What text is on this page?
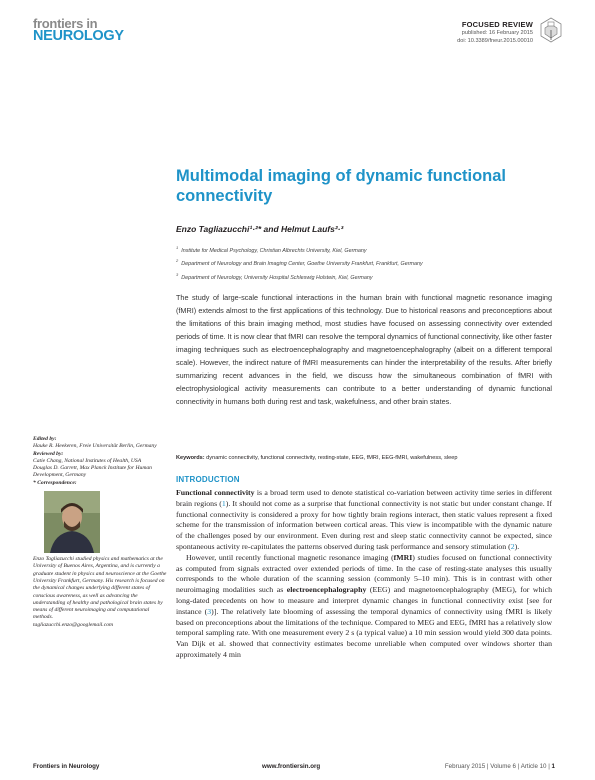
frontiers in
NEUROLOGY
FOCUSED REVIEW
published: 16 February 2015
doi: 10.3389/fneur.2015.00010
Multimodal imaging of dynamic functional connectivity
Enzo Tagliazucchi¹·²* and Helmut Laufs²·³
$^1$  Institute for Medical Psychology, Christian Albrechts University, Kiel, Germany
$^2$  Department of Neurology and Brain Imaging Center, Goethe University Frankfurt, Frankfurt, Germany
$^3$  Department of Neurology, University Hospital Schleswig Holstein, Kiel, Germany

The study of large-scale functional interactions in the human brain with functional magnetic resonance imaging (fMRI) extends almost to the first applications of this technology. Due to historical reasons and preconceptions about the limitations of this brain imaging method, most studies have focused on assessing connectivity over extended periods of time. It is now clear that fMRI can resolve the temporal dynamics of functional connectivity, like other faster imaging techniques such as electroencephalography and magnetoencephalography (albeit on a different temporal scale). However, the indirect nature of fMRI measurements can hinder the interpretability of the results. After briefly summarizing recent advances in the field, we discuss how the simultaneous combination of fMRI with electrophysiological activity measurements can contribute to a better understanding of dynamic functional connectivity in humans both during rest and task, wakefulness, and other brain states.

Keywords: dynamic connectivity, functional connectivity, resting-state, EEG, fMRI, EEG-fMRI, wakefulness, sleep
INTRODUCTION

Functional connectivity is a broad term used to denote statistical co-variation between activity time series in different brain regions (1). It should not come as a surprise that functional connectivity is not static but under constant change. If functional connectivity is considered a proxy for how tightly brain regions interact, then static values represent a fixed scheme for the transmission of information between cortical areas. This view is incompatible with the dynamic nature of the challenges posed by our environment. Even during rest and sleep static connectivity cannot be expected, since spontaneous activity re-capitulates the patterns observed during task performance and sensory stimulation (2).

However, until recently functional magnetic resonance imaging (fMRI) studies focused on functional connectivity as computed from signals extracted over extended periods of time. In the case of resting-state analyses this usually corresponds to the whole duration of the scanning session (commonly 5–10 min). This is in contrast with other neuroimaging modalities such as electroencephalography (EEG) and magnetoencephalography (MEG), for which long-dated precedents on how to measure and interpret dynamic changes in functional connectivity exist [see for instance (3)]. The relatively late blooming of assessing the temporal dynamics of connectivity using fMRI is likely based on preconceptions about the limitations of the technique. Compared to MEG and EEG, fMRI has a relatively slow temporal sampling rate. With one measurement every 2 s (a typical value) a 10 min session would yield 300 data points. Van Dijk et al. showed that connectivity estimates become unreliable when computed over windows shorter than approximately 4 min

Edited by:
Hauke R. Heekeren, Freie Universität Berlin, Germany
Reviewed by:
Catie Chang, National Institutes of Health, USA
Douglas D. Garrett, Max Planck Institute for Human Development, Germany
* Correspondence:
Enzo Tagliazucchi studied physics and mathematics at the University of Buenos Aires, Argentina, and is currently a graduate student in physics and neuroscience at the Goethe University Frankfurt, Germany. His research is focused on the dynamical changes underlying different states of conscious awareness, as well as advancing the understanding of healthy and pathological brain states by means of different neuroimaging and computational methods.
tagliazucchi.enzo@googlemail.com
Frontiers in Neurology	www.frontiersin.org	February 2015 | Volume 6 | Article 10 | 1
